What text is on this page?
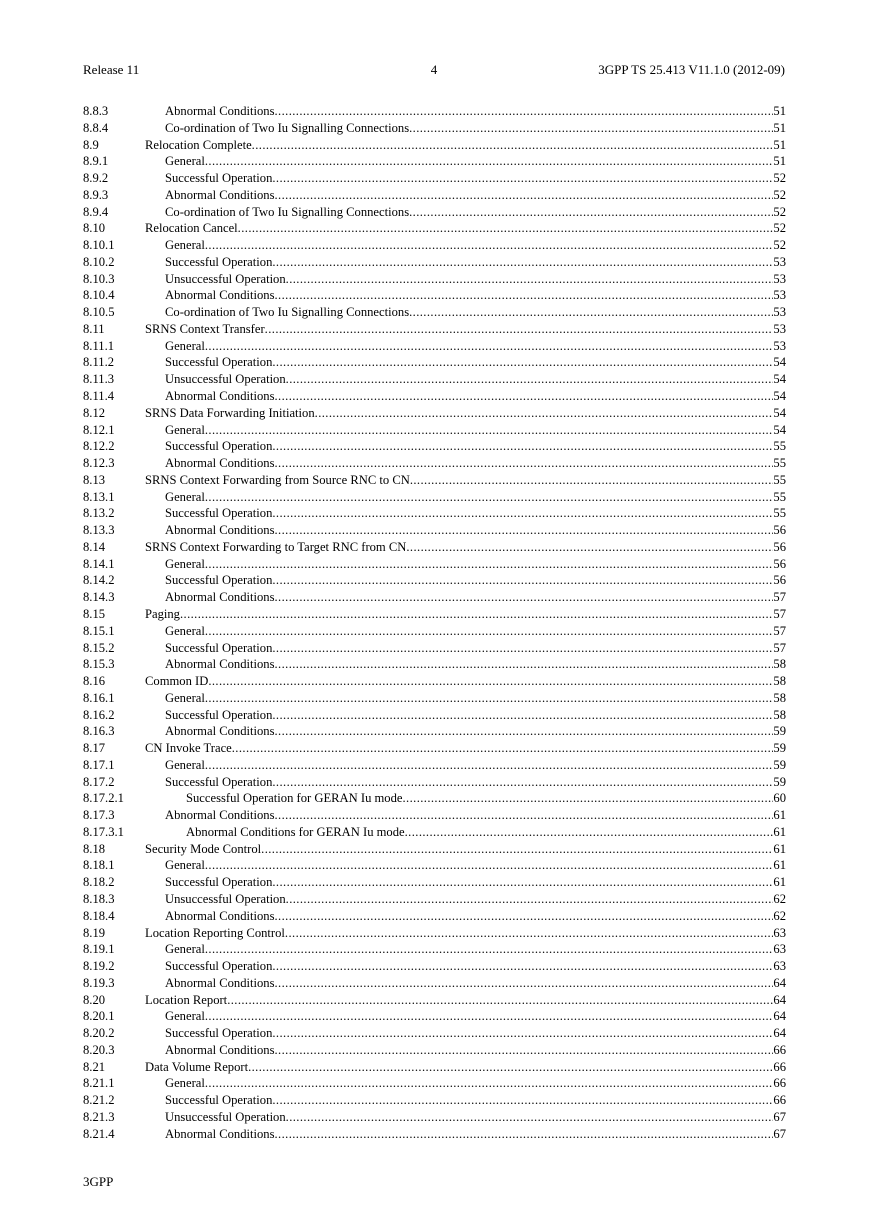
Release 11	4	3GPP TS 25.413 V11.1.0 (2012-09)
8.8.3	Abnormal Conditions .....	51
8.8.4	Co-ordination of Two Iu Signalling Connections .....	51
8.9	Relocation Complete .....	51
8.9.1	General .....	51
8.9.2	Successful Operation .....	52
8.9.3	Abnormal Conditions .....	52
8.9.4	Co-ordination of Two Iu Signalling Connections .....	52
8.10	Relocation Cancel .....	52
8.10.1	General .....	52
8.10.2	Successful Operation .....	53
8.10.3	Unsuccessful Operation .....	53
8.10.4	Abnormal Conditions .....	53
8.10.5	Co-ordination of Two Iu Signalling Connections .....	53
8.11	SRNS Context Transfer .....	53
8.11.1	General .....	53
8.11.2	Successful Operation .....	54
8.11.3	Unsuccessful Operation .....	54
8.11.4	Abnormal Conditions .....	54
8.12	SRNS Data Forwarding Initiation .....	54
8.12.1	General .....	54
8.12.2	Successful Operation .....	55
8.12.3	Abnormal Conditions .....	55
8.13	SRNS Context Forwarding from Source RNC to CN .....	55
8.13.1	General .....	55
8.13.2	Successful Operation .....	55
8.13.3	Abnormal Conditions .....	56
8.14	SRNS Context Forwarding to Target RNC from CN .....	56
8.14.1	General .....	56
8.14.2	Successful Operation .....	56
8.14.3	Abnormal Conditions .....	57
8.15	Paging .....	57
8.15.1	General .....	57
8.15.2	Successful Operation .....	57
8.15.3	Abnormal Conditions .....	58
8.16	Common ID .....	58
8.16.1	General .....	58
8.16.2	Successful Operation .....	58
8.16.3	Abnormal Conditions .....	59
8.17	CN Invoke Trace .....	59
8.17.1	General .....	59
8.17.2	Successful Operation .....	59
8.17.2.1	Successful Operation for GERAN Iu mode .....	60
8.17.3	Abnormal Conditions .....	61
8.17.3.1	Abnormal Conditions for GERAN Iu mode .....	61
8.18	Security Mode Control .....	61
8.18.1	General .....	61
8.18.2	Successful Operation .....	61
8.18.3	Unsuccessful Operation .....	62
8.18.4	Abnormal Conditions .....	62
8.19	Location Reporting Control .....	63
8.19.1	General .....	63
8.19.2	Successful Operation .....	63
8.19.3	Abnormal Conditions .....	64
8.20	Location Report .....	64
8.20.1	General .....	64
8.20.2	Successful Operation .....	64
8.20.3	Abnormal Conditions .....	66
8.21	Data Volume Report .....	66
8.21.1	General .....	66
8.21.2	Successful Operation .....	66
8.21.3	Unsuccessful Operation .....	67
8.21.4	Abnormal Conditions .....	67
3GPP
